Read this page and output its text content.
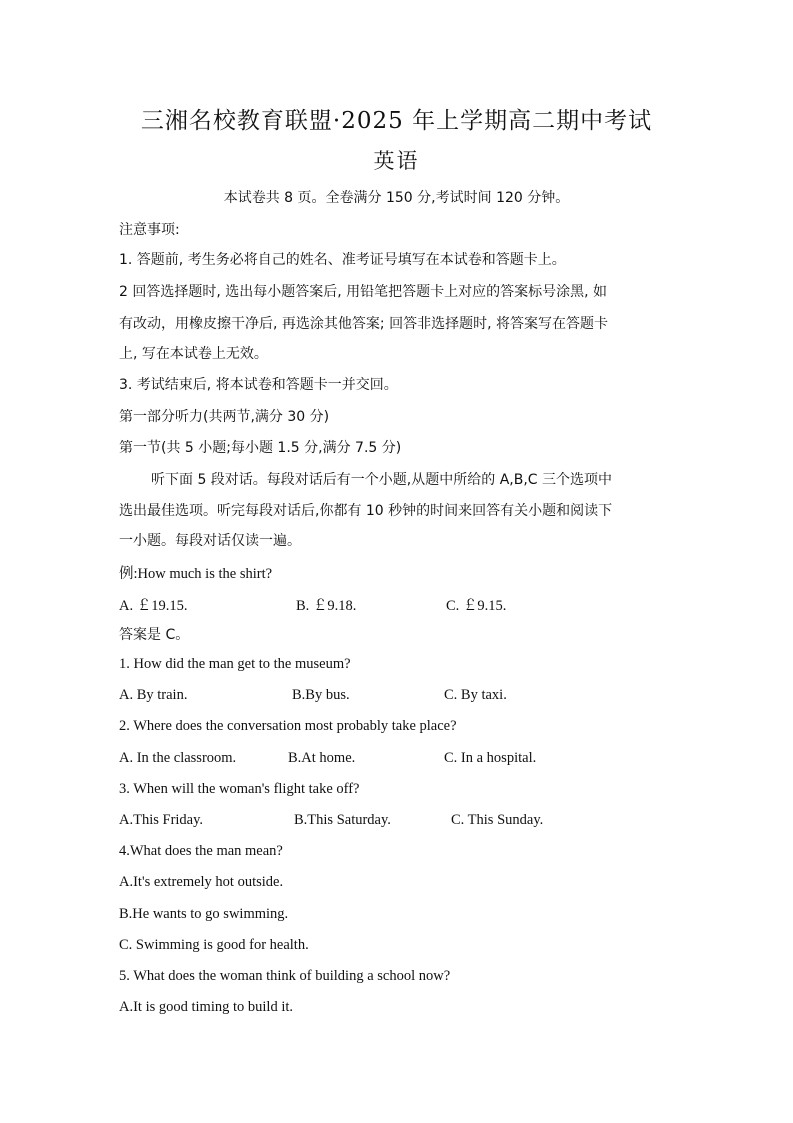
三湘名校教育联盟·2025 年上学期高二期中考试
英语
本试卷共 8 页。全卷满分 150 分,考试时间 120 分钟。
注意事项:
1. 答题前, 考生务必将自己的姓名、准考证号填写在本试卷和答题卡上。
2 回答选择题时, 选出每小题答案后, 用铅笔把答题卡上对应的答案标号涂黑, 如
有改动，用橡皮擦干净后, 再选涂其他答案; 回答非选择题时, 将答案写在答题卡
上, 写在本试卷上无效。
3. 考试结束后, 将本试卷和答题卡一并交回。
第一部分听力(共两节,满分 30 分)
第一节(共 5 小题;每小题 1.5 分,满分 7.5 分)
听下面 5 段对话。每段对话后有一个小题,从题中所给的 A,B,C 三个选项中
选出最佳选项。听完每段对话后,你都有 10 秒钟的时间来回答有关小题和阅读下
一小题。每段对话仅读一遍。
例:How much is the shirt?
A. ￡19.15.	B. ￡9.18.	C. ￡9.15.
答案是 C。
1. How did the man get to the museum?
A. By train.	B.By bus.	C. By taxi.
2. Where does the conversation most probably take place?
A. In the classroom.	B.At home.	C. In a hospital.
3. When will the woman's flight take off?
A.This Friday.	B.This Saturday.	C. This Sunday.
4.What does the man mean?
A.It's extremely hot outside.
B.He wants to go swimming.
C. Swimming is good for health.
5. What does the woman think of building a school now?
A.It is good timing to build it.
